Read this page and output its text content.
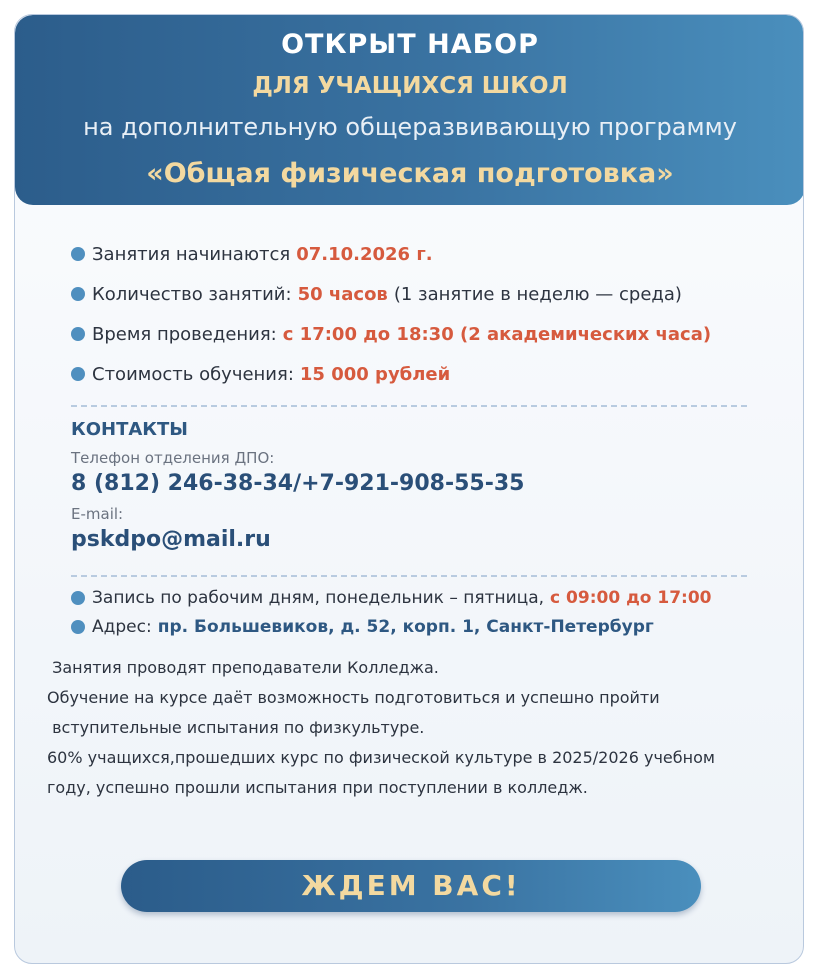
ОТКРЫТ НАБОР
ДЛЯ УЧАЩИХСЯ ШКОЛ
на дополнительную общеразвивающую программу
«Общая физическая подготовка»
Занятия начинаются 07.10.2026 г.
Количество занятий: 50 часов (1 занятие в неделю — среда)
Время проведения: с 17:00 до 18:30 (2 академических часа)
Стоимость обучения: 15 000 рублей
КОНТАКТЫ
Телефон отделения ДПО:
8 (812) 246-38-34/+7-921-908-55-35
E-mail:
pskdpo@mail.ru
Запись по рабочим дням, понедельник – пятница, с 09:00 до 17:00
Адрес: пр. Большевиков, д. 52, корп. 1, Санкт-Петербург
Занятия проводят преподаватели Колледжа.
Обучение на курсе даёт возможность подготовиться и успешно пройти
вступительные испытания по физкультуре.
60% учащихся,прошедших курс по физической культуре в 2025/2026 учебном
году, успешно прошли испытания при поступлении в колледж.
ЖДЕМ ВАС!
